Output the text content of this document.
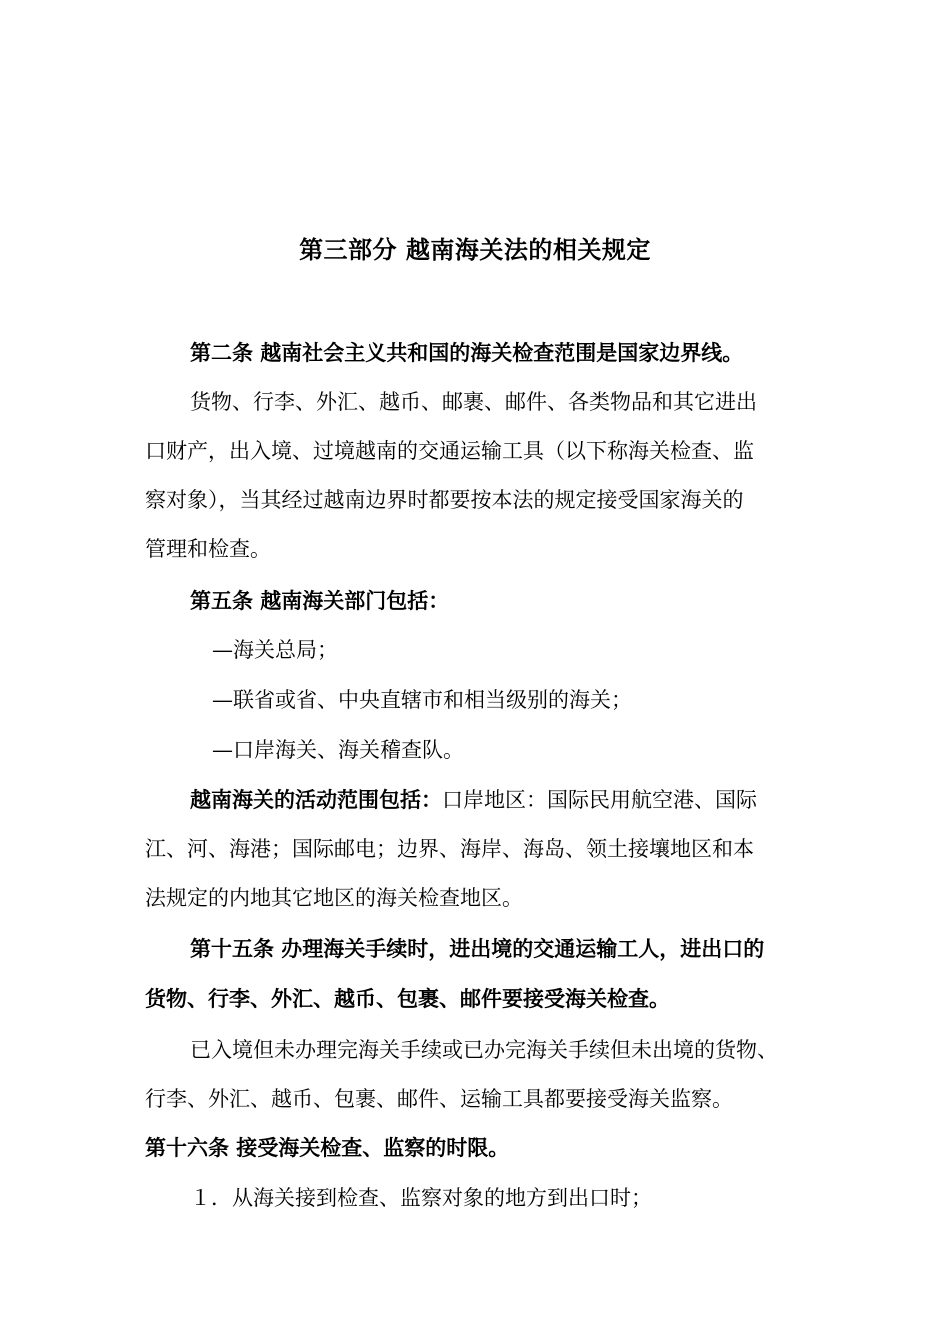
第三部分 越南海关法的相关规定
第二条 越南社会主义共和国的海关检查范围是国家边界线。
货物、行李、外汇、越币、邮裹、邮件、各类物品和其它进出
口财产，出入境、过境越南的交通运输工具（以下称海关检查、监
察对象），当其经过越南边界时都要按本法的规定接受国家海关的
管理和检查。
第五条 越南海关部门包括：
—海关总局；
—联省或省、中央直辖市和相当级别的海关；
—口岸海关、海关稽查队。
越南海关的活动范围包括：口岸地区：国际民用航空港、国际
江、河、海港；国际邮电；边界、海岸、海岛、领土接壤地区和本
法规定的内地其它地区的海关检查地区。
第十五条 办理海关手续时，进出境的交通运输工人，进出口的
货物、行李、外汇、越币、包裹、邮件要接受海关检查。
已入境但未办理完海关手续或已办完海关手续但未出境的货物、
行李、外汇、越币、包裹、邮件、运输工具都要接受海关监察。
第十六条 接受海关检查、监察的时限。
１．从海关接到检查、监察对象的地方到出口时；
